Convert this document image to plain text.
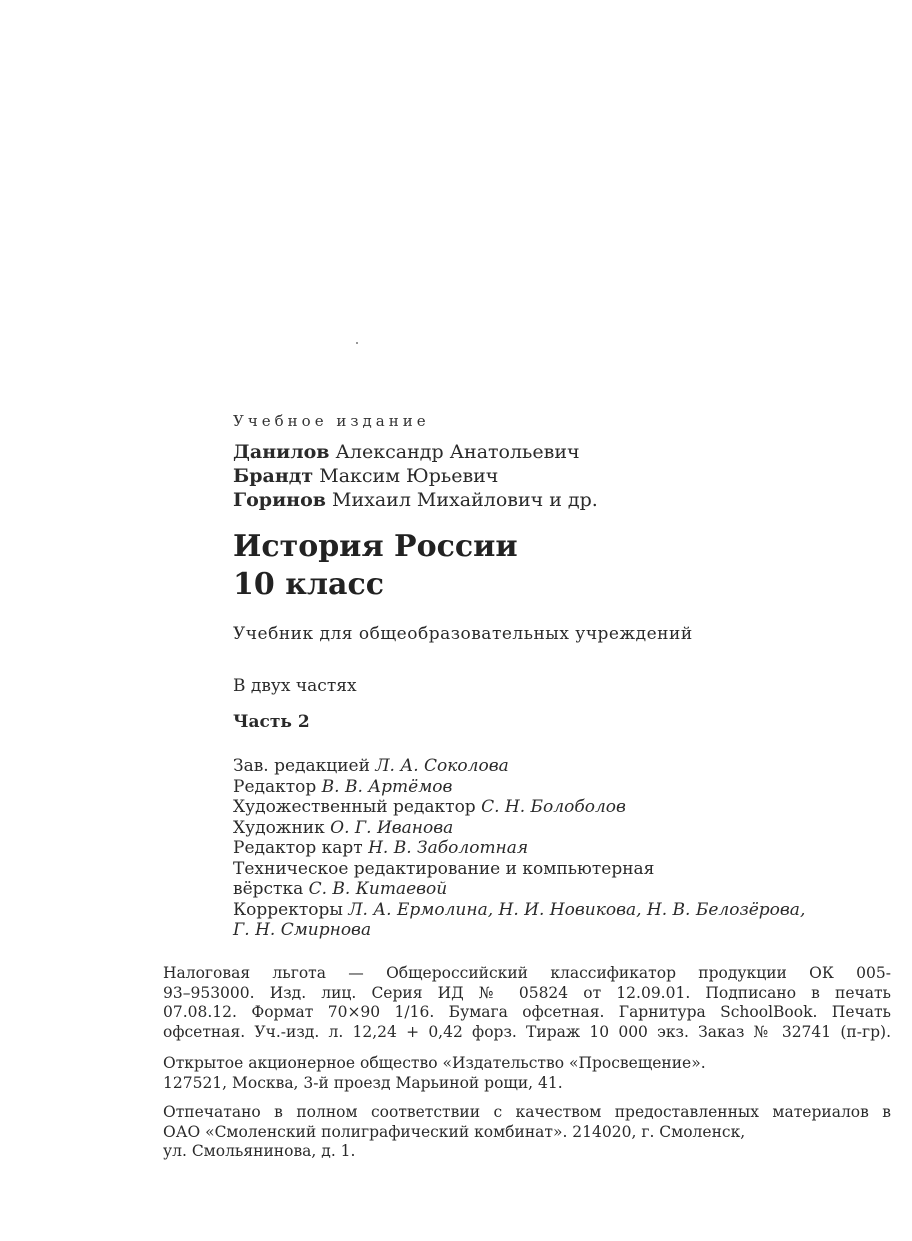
Учебное издание
Данилов Александр Анатольевич
Брандт Максим Юрьевич
Горинов Михаил Михайлович и др.
История России
10 класс
Учебник для общеобразовательных учреждений
В двух частях
Часть 2
Зав. редакцией Л. А. Соколова
Редактор В. В. Артёмов
Художественный редактор С. Н. Болоболов
Художник О. Г. Иванова
Редактор карт Н. В. Заболотная
Техническое редактирование и компьютерная
вёрстка С. В. Китаевой
Корректоры Л. А. Ермолина, Н. И. Новикова, Н. В. Белозёрова,
Г. Н. Смирнова
Налоговая льгота — Общероссийский классификатор продукции ОК 005-
93–953000. Изд. лиц. Серия ИД № 05824 от 12.09.01. Подписано в печать
07.08.12. Формат 70×90 1/16. Бумага офсетная. Гарнитура SchoolBook. Печать
офсетная. Уч.-изд. л. 12,24 + 0,42 форз. Тираж 10 000 экз. Заказ № 32741 (п-гр).
Открытое акционерное общество «Издательство «Просвещение».
127521, Москва, 3-й проезд Марьиной рощи, 41.
Отпечатано в полном соответствии с качеством предоставленных материалов в
ОАО «Смоленский полиграфический комбинат». 214020, г. Смоленск,
ул. Смольянинова, д. 1.
